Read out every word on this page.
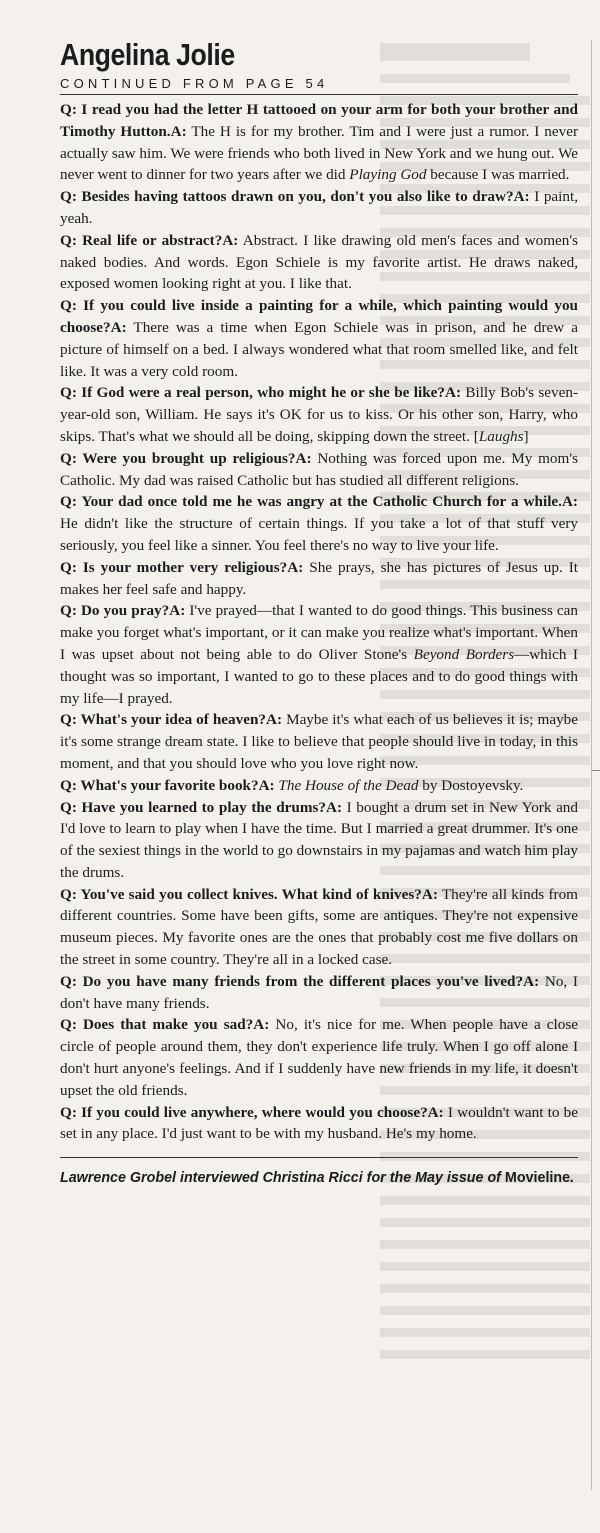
Angelina Jolie
CONTINUED FROM PAGE 54

Q: I read you had the letter H tattooed on your arm for both your brother and Timothy Hutton.A: The H is for my brother. Tim and I were just a rumor. I never actually saw him. We were friends who both lived in New York and we hung out. We never went to dinner for two years after we did Playing God because I was married.

Q: Besides having tattoos drawn on you, don't you also like to draw?A: I paint, yeah.

Q: Real life or abstract?A: Abstract. I like drawing old men's faces and women's naked bodies. And words. Egon Schiele is my favorite artist. He draws naked, exposed women looking right at you. I like that.

Q: If you could live inside a painting for a while, which painting would you choose?A: There was a time when Egon Schiele was in prison, and he drew a picture of himself on a bed. I always wondered what that room smelled like, and felt like. It was a very cold room.

Q: If God were a real person, who might he or she be like?A: Billy Bob's seven-year-old son, William. He says it's OK for us to kiss. Or his other son, Harry, who skips. That's what we should all be doing, skipping down the street. [Laughs]

Q: Were you brought up religious?A: Nothing was forced upon me. My mom's Catholic. My dad was raised Catholic but has studied all different religions.

Q: Your dad once told me he was angry at the Catholic Church for a while.A: He didn't like the structure of certain things. If you take a lot of that stuff very seriously, you feel like a sinner. You feel there's no way to live your life.

Q: Is your mother very religious?A: She prays, she has pictures of Jesus up. It makes her feel safe and happy.

Q: Do you pray?A: I've prayed—that I wanted to do good things. This business can make you forget what's important, or it can make you realize what's important. When I was upset about not being able to do Oliver Stone's Beyond Borders—which I thought was so important, I wanted to go to these places and to do good things with my life—I prayed.

Q: What's your idea of heaven?A: Maybe it's what each of us believes it is; maybe it's some strange dream state. I like to believe that people should live in today, in this moment, and that you should love who you love right now.

Q: What's your favorite book?A: The House of the Dead by Dostoyevsky.

Q: Have you learned to play the drums?A: I bought a drum set in New York and I'd love to learn to play when I have the time. But I married a great drummer. It's one of the sexiest things in the world to go downstairs in my pajamas and watch him play the drums.

Q: You've said you collect knives. What kind of knives?A: They're all kinds from different countries. Some have been gifts, some are antiques. They're not expensive museum pieces. My favorite ones are the ones that probably cost me five dollars on the street in some country. They're all in a locked case.

Q: Do you have many friends from the different places you've lived?A: No, I don't have many friends.

Q: Does that make you sad?A: No, it's nice for me. When people have a close circle of people around them, they don't experience life truly. When I go off alone I don't hurt anyone's feelings. And if I suddenly have new friends in my life, it doesn't upset the old friends.

Q: If you could live anywhere, where would you choose?A: I wouldn't want to be set in any place. I'd just want to be with my husband. He's my home.

Lawrence Grobel interviewed Christina Ricci for the May issue of Movieline.
